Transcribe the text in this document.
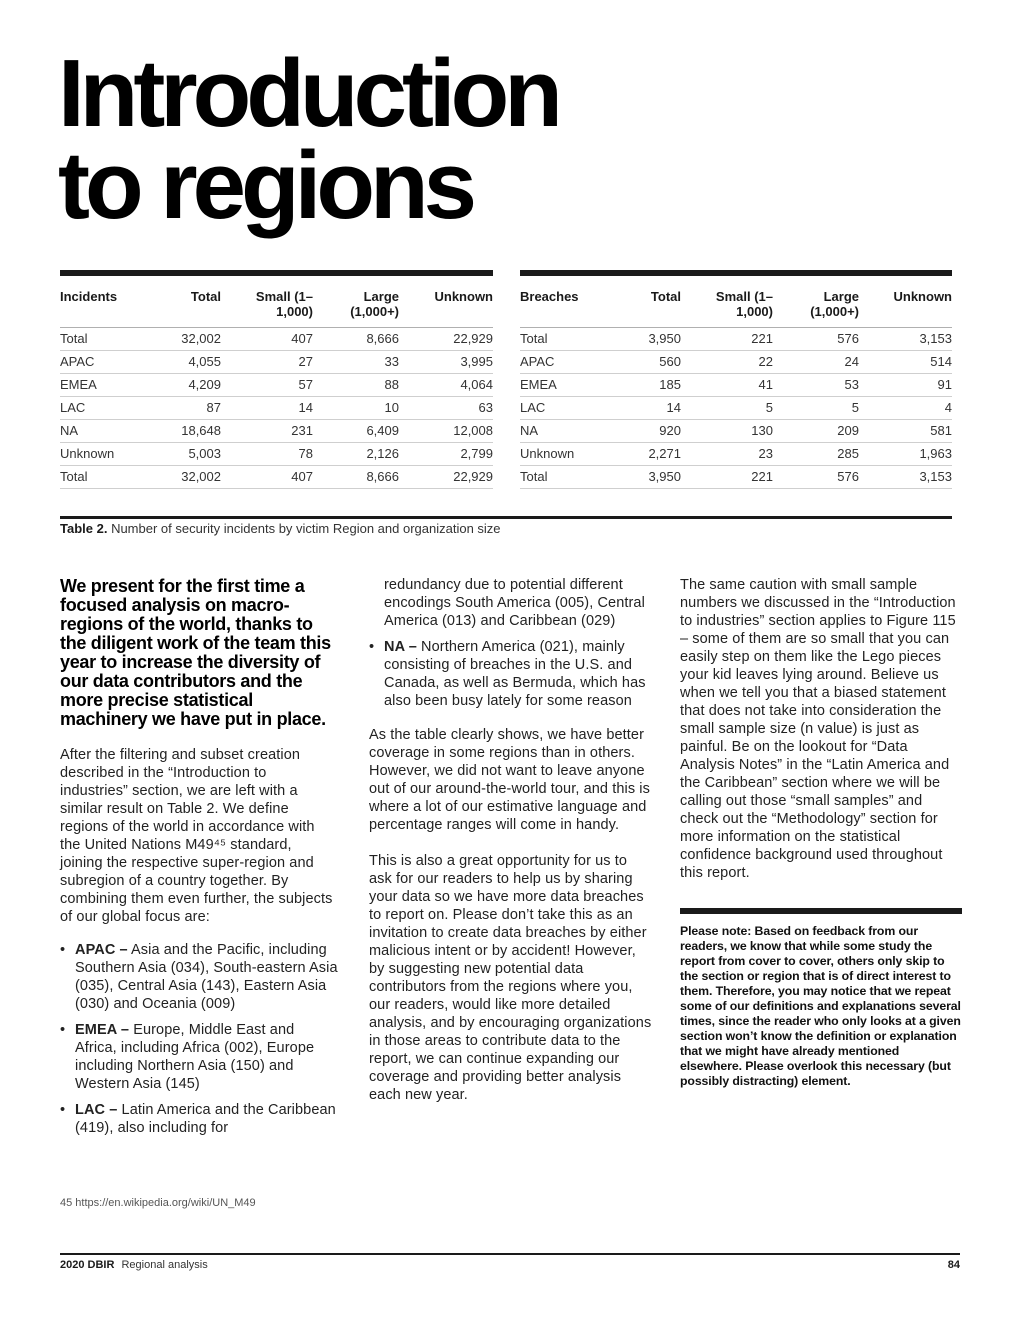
Introduction
to regions
Incidents	Total	Small (1–1,000)	Large (1,000+)	Unknown
Total	32,002	407	8,666	22,929
APAC	4,055	27	33	3,995
EMEA	4,209	57	88	4,064
LAC	87	14	10	63
NA	18,648	231	6,409	12,008
Unknown	5,003	78	2,126	2,799
Total	32,002	407	8,666	22,929
Breaches	Total	Small (1–1,000)	Large (1,000+)	Unknown
Total	3,950	221	576	3,153
APAC	560	22	24	514
EMEA	185	41	53	91
LAC	14	5	5	4
NA	920	130	209	581
Unknown	2,271	23	285	1,963
Total	3,950	221	576	3,153
Table 2. Number of security incidents by victim Region and organization size
We present for the first time a focused analysis on macro-regions of the world, thanks to the diligent work of the team this year to increase the diversity of our data contributors and the more precise statistical machinery we have put in place.

After the filtering and subset creation described in the “Introduction to industries” section, we are left with a similar result on Table 2. We define regions of the world in accordance with the United Nations M49⁴⁵ standard, joining the respective super-region and subregion of a country together. By combining them even further, the subjects of our global focus are:

• APAC – Asia and the Pacific, including Southern Asia (034), South-eastern Asia (035), Central Asia (143), Eastern Asia (030) and Oceania (009)
• EMEA – Europe, Middle East and Africa, including Africa (002), Europe including Northern Asia (150) and Western Asia (145)
• LAC – Latin America and the Caribbean (419), also including for
redundancy due to potential different encodings South America (005), Central America (013) and Caribbean (029)
• NA – Northern America (021), mainly consisting of breaches in the U.S. and Canada, as well as Bermuda, which has also been busy lately for some reason

As the table clearly shows, we have better coverage in some regions than in others. However, we did not want to leave anyone out of our around-the-world tour, and this is where a lot of our estimative language and percentage ranges will come in handy.

This is also a great opportunity for us to ask for our readers to help us by sharing your data so we have more data breaches to report on. Please don’t take this as an invitation to create data breaches by either malicious intent or by accident! However, by suggesting new potential data contributors from the regions where you, our readers, would like more detailed analysis, and by encouraging organizations in those areas to contribute data to the report, we can continue expanding our coverage and providing better analysis each new year.

The same caution with small sample numbers we discussed in the “Introduction to industries” section applies to Figure 115 – some of them are so small that you can easily step on them like the Lego pieces your kid leaves lying around. Believe us when we tell you that a biased statement that does not take into consideration the small sample size (n value) is just as painful. Be on the lookout for “Data Analysis Notes” in the “Latin America and the Caribbean” section where we will be calling out those “small samples” and check out the “Methodology” section for more information on the statistical confidence background used throughout this report.

Please note: Based on feedback from our readers, we know that while some study the report from cover to cover, others only skip to the section or region that is of direct interest to them. Therefore, you may notice that we repeat some of our definitions and explanations several times, since the reader who only looks at a given section won’t know the definition or explanation that we might have already mentioned elsewhere. Please overlook this necessary (but possibly distracting) element.
45 https://en.wikipedia.org/wiki/UN_M49
2020 DBIR Regional analysis	84
